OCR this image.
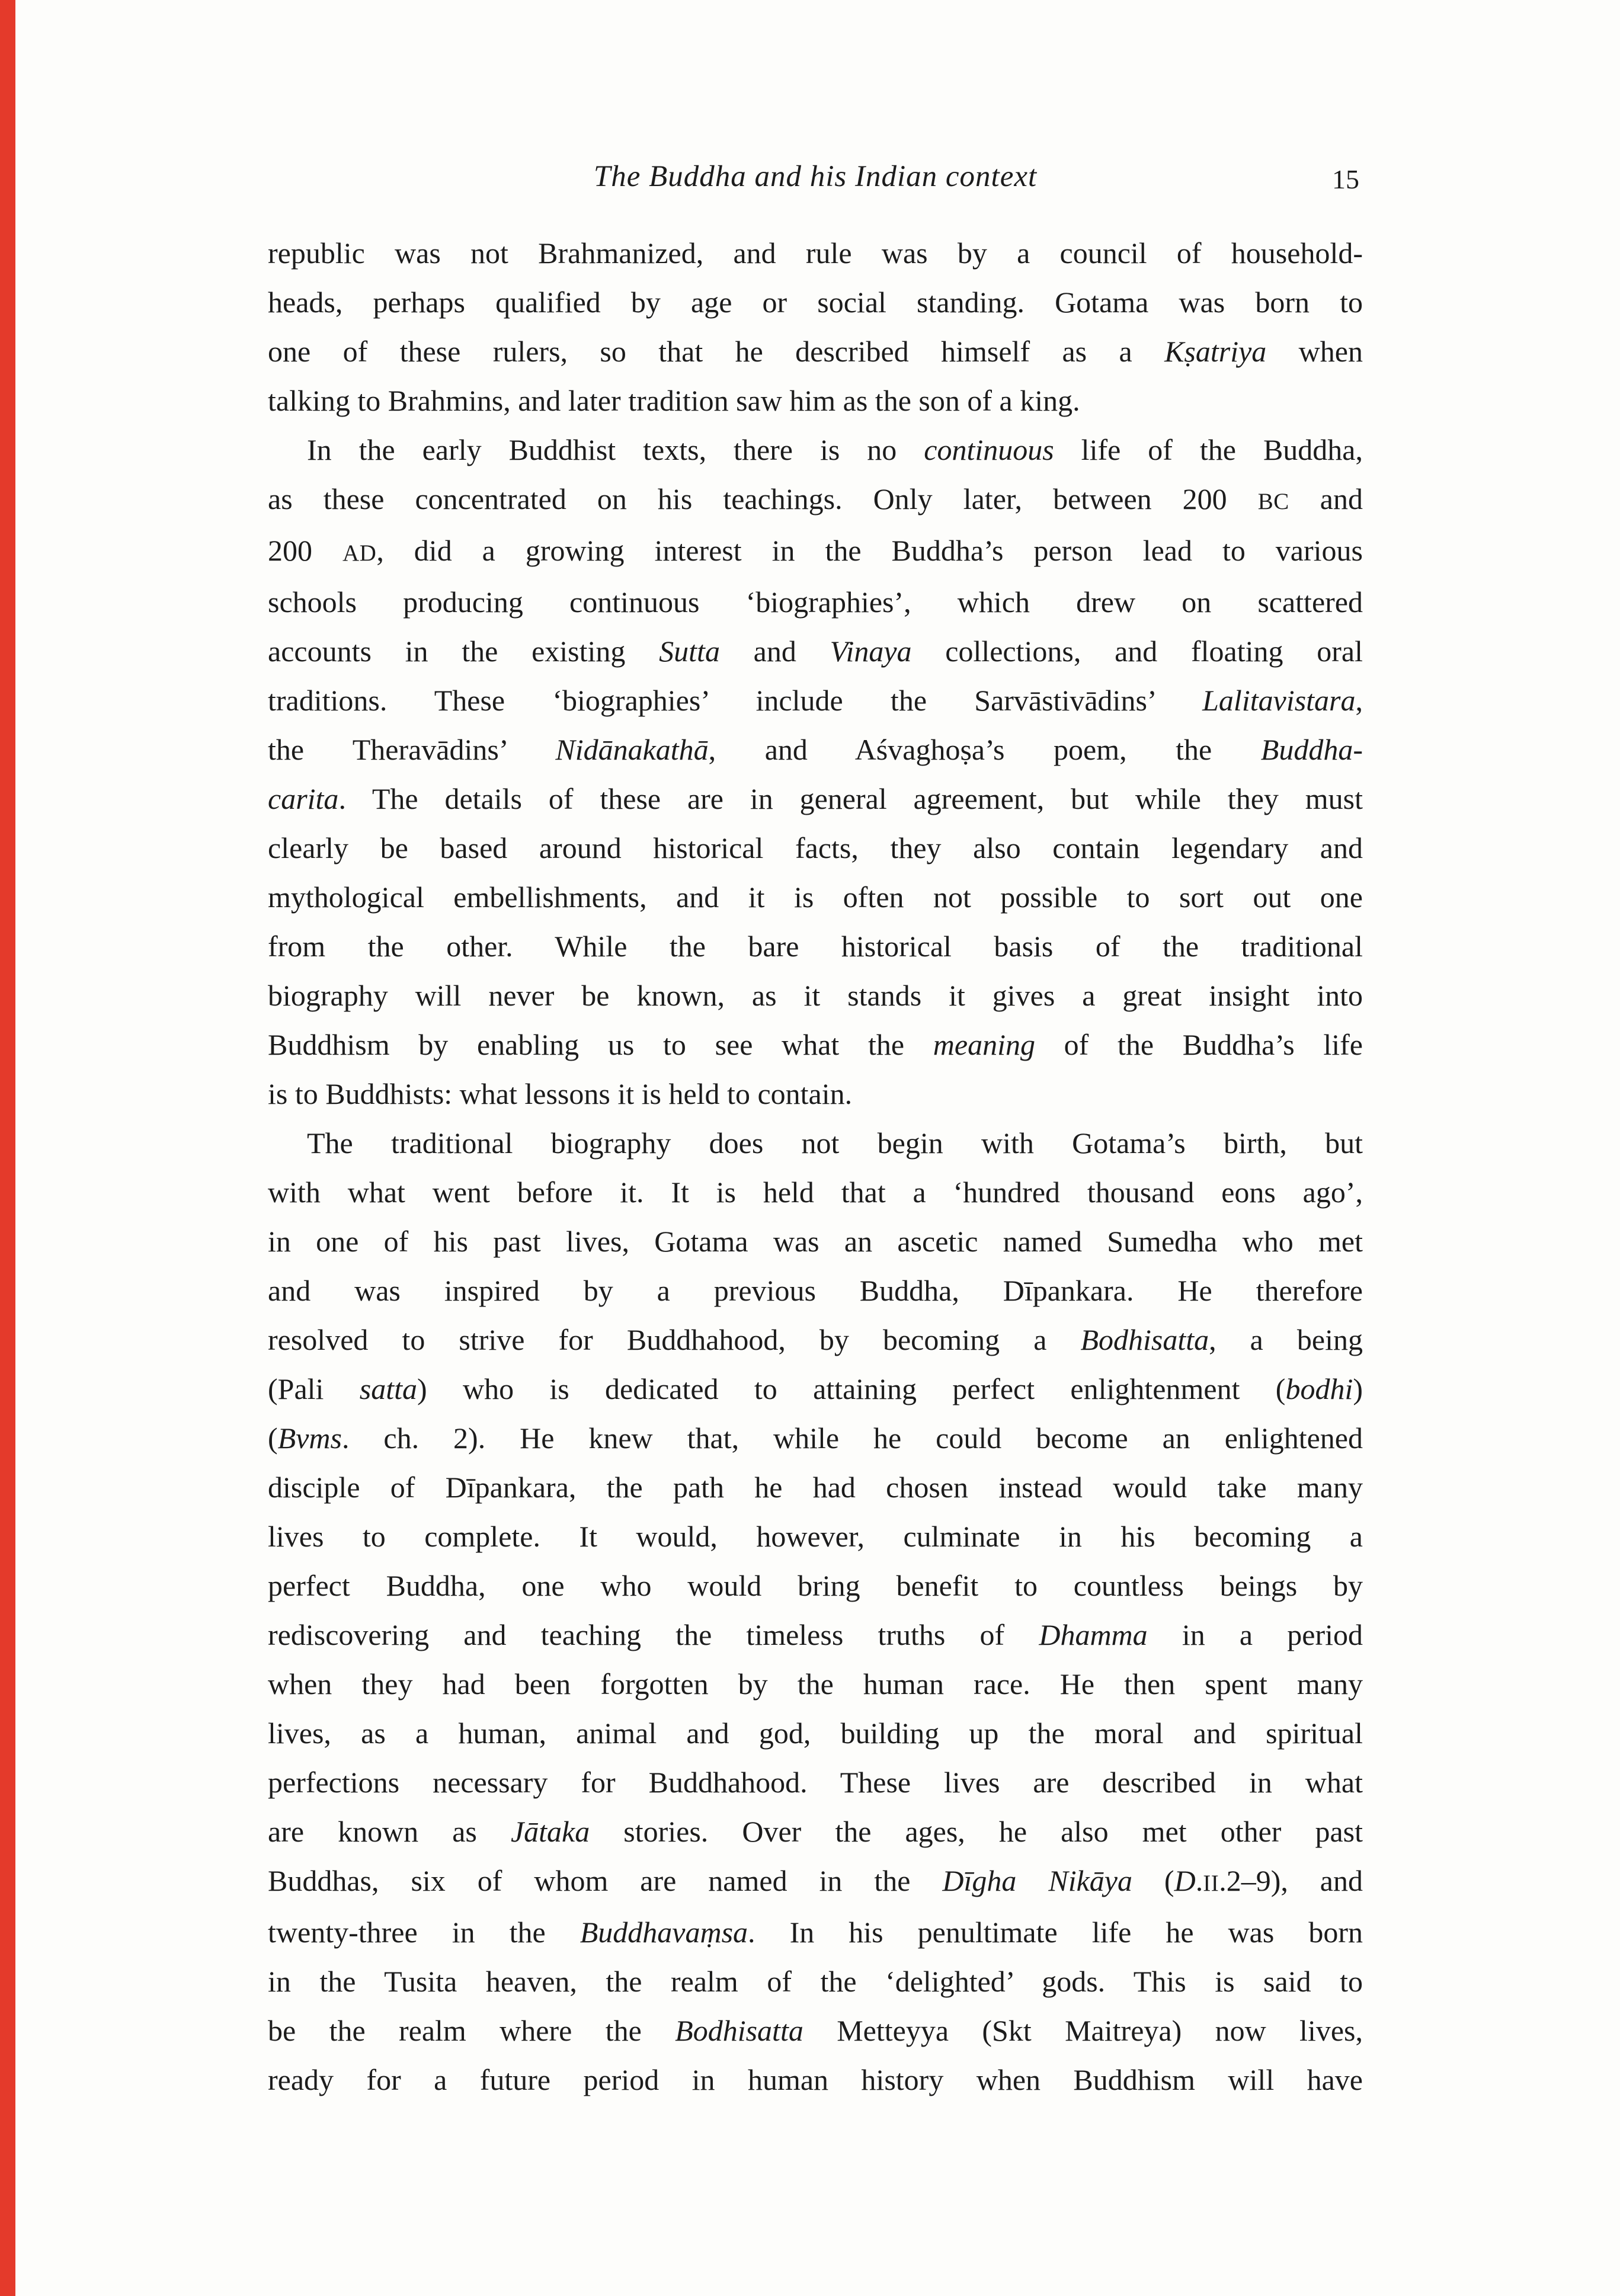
The Buddha and his Indian context	15
republic was not Brahmanized, and rule was by a council of household-
heads, perhaps qualified by age or social standing. Gotama was born to
one of these rulers, so that he described himself as a Kṣatriya when
talking to Brahmins, and later tradition saw him as the son of a king.
In the early Buddhist texts, there is no continuous life of the Buddha,
as these concentrated on his teachings. Only later, between 200 BC and
200 AD, did a growing interest in the Buddha’s person lead to various
schools producing continuous ‘biographies’, which drew on scattered
accounts in the existing Sutta and Vinaya collections, and floating oral
traditions. These ‘biographies’ include the Sarvāstivādins’ Lalitavistara,
the Theravādins’ Nidānakathā, and Aśvaghoṣa’s poem, the Buddha-
carita. The details of these are in general agreement, but while they must
clearly be based around historical facts, they also contain legendary and
mythological embellishments, and it is often not possible to sort out one
from the other. While the bare historical basis of the traditional
biography will never be known, as it stands it gives a great insight into
Buddhism by enabling us to see what the meaning of the Buddha’s life
is to Buddhists: what lessons it is held to contain.
The traditional biography does not begin with Gotama’s birth, but
with what went before it. It is held that a ‘hundred thousand eons ago’,
in one of his past lives, Gotama was an ascetic named Sumedha who met
and was inspired by a previous Buddha, Dīpankara. He therefore
resolved to strive for Buddhahood, by becoming a Bodhisatta, a being
(Pali satta) who is dedicated to attaining perfect enlightenment (bodhi)
(Bvms. ch. 2). He knew that, while he could become an enlightened
disciple of Dīpankara, the path he had chosen instead would take many
lives to complete. It would, however, culminate in his becoming a
perfect Buddha, one who would bring benefit to countless beings by
rediscovering and teaching the timeless truths of Dhamma in a period
when they had been forgotten by the human race. He then spent many
lives, as a human, animal and god, building up the moral and spiritual
perfections necessary for Buddhahood. These lives are described in what
are known as Jātaka stories. Over the ages, he also met other past
Buddhas, six of whom are named in the Dīgha Nikāya (D.II.2–9), and
twenty-three in the Buddhavaṃsa. In his penultimate life he was born
in the Tusita heaven, the realm of the ‘delighted’ gods. This is said to
be the realm where the Bodhisatta Metteyya (Skt Maitreya) now lives,
ready for a future period in human history when Buddhism will have
